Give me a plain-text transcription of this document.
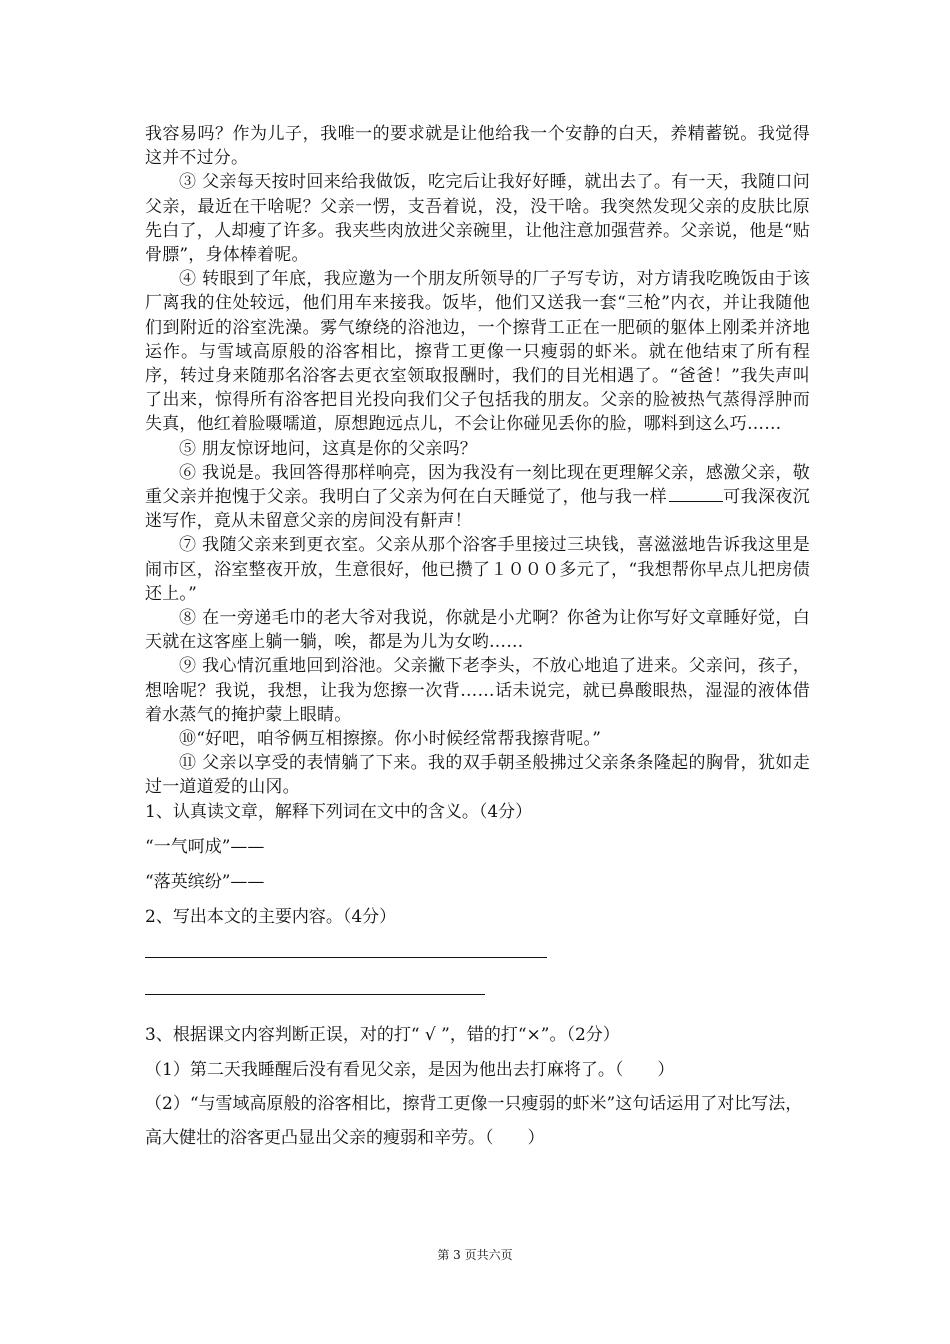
我容易吗？作为儿子，我唯一的要求就是让他给我一个安静的白天，养精蓄锐。我觉得这并不过分。

③ 父亲每天按时回来给我做饭，吃完后让我好好睡，就出去了。有一天，我随口问父亲，最近在干啥呢？父亲一愣，支吾着说，没，没干啥。我突然发现父亲的皮肤比原先白了，人却瘦了许多。我夹些肉放进父亲碗里，让他注意加强营养。父亲说，他是“贴骨膘”，身体棒着呢。

④ 转眼到了年底，我应邀为一个朋友所领导的厂子写专访，对方请我吃晚饭由于该厂离我的住处较远，他们用车来接我。饭毕，他们又送我一套“三枪”内衣，并让我随他们到附近的浴室洗澡。雾气缭绕的浴池边，一个擦背工正在一肥硕的躯体上刚柔并济地运作。与雪域高原般的浴客相比，擦背工更像一只瘦弱的虾米。就在他结束了所有程序，转过身来随那名浴客去更衣室领取报酬时，我们的目光相遇了。“爸爸！”我失声叫了出来，惊得所有浴客把目光投向我们父子包括我的朋友。父亲的脸被热气蒸得浮肿而失真，他红着脸嗫嚅道，原想跑远点儿，不会让你碰见丢你的脸，哪料到这么巧……

⑤ 朋友惊讶地问，这真是你的父亲吗？

⑥ 我说是。我回答得那样响亮，因为我没有一刻比现在更理解父亲，感激父亲，敬重父亲并抱愧于父亲。我明白了父亲为何在白天睡觉了，他与我一样	可我深夜沉迷写作，竟从未留意父亲的房间没有鼾声！

⑦ 我随父亲来到更衣室。父亲从那个浴客手里接过三块钱，喜滋滋地告诉我这里是闹市区，浴室整夜开放，生意很好，他已攒了１０００多元了，“我想帮你早点儿把房债还上。”

⑧ 在一旁递毛巾的老大爷对我说，你就是小尤啊？你爸为让你写好文章睡好觉，白天就在这客座上躺一躺，唉，都是为儿为女哟……

⑨ 我心情沉重地回到浴池。父亲撇下老李头，不放心地追了进来。父亲问，孩子，想啥呢？我说，我想，让我为您擦一次背……话未说完，就已鼻酸眼热，湿湿的液体借着水蒸气的掩护蒙上眼睛。

⑩“好吧，咱爷俩互相擦擦。你小时候经常帮我擦背呢。”

⑪ 父亲以享受的表情躺了下来。我的双手朝圣般拂过父亲条条隆起的胸骨，犹如走过一道道爱的山冈。

1、认真读文章，解释下列词在文中的含义。（4分）

“一气呵成”——

“落英缤纷”——

2、写出本文的主要内容。（4分）

3、根据课文内容判断正误，对的打“ √ ”，错的打“×”。（2分）

（1）第二天我睡醒后没有看见父亲，是因为他出去打麻将了。（　　）

（2）“与雪域高原般的浴客相比，擦背工更像一只瘦弱的虾米”这句话运用了对比写法，高大健壮的浴客更凸显出父亲的瘦弱和辛劳。（　　）

第 3 页共六页
